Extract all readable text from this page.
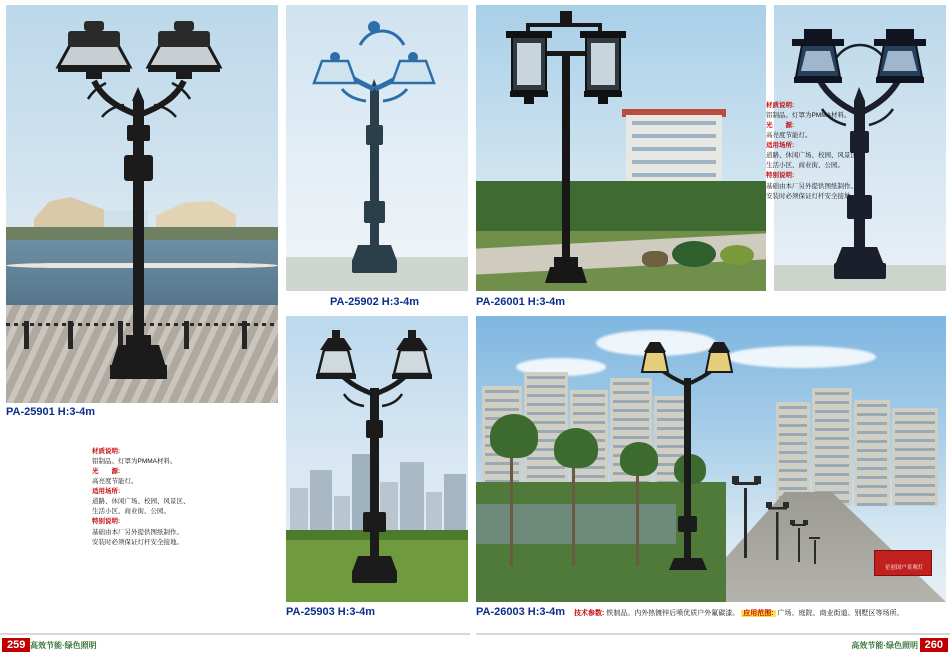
PA-25901 H:3-4m
材质说明:
铝制品。灯罩为PMMA材料。
光　　源:
高亮度节能灯。
适用场所:
道路、休闲广场、校园、风景区、
生活小区、商业街、公园。
特别说明:
基础由本厂另外提供图纸制作。
安装时必须保证灯杆安全接地。
PA-25902 H:3-4m	PA-26001 H:3-4m
材质说明:
铝制品。灯罩为PMMA材料。
光　　源:
高亮度节能灯。
适用场所:
道路、休闲广场、校园、风景区、
生活小区、商业街、公园。
特别说明:
基础由本厂另外提供图纸制作。
安装时必须保证灯杆安全接地。
PA-25903 H:3-4m
星创国户景观灯
PA-26003 H:3-4m 技术参数: 铁制品。内外热镀锌后喷优质户外氟碳漆。 应用范围: 广场、庭院、商业街道、别墅区等场所。
259 高效节能·绿色照明	260
高效节能·绿色照明
